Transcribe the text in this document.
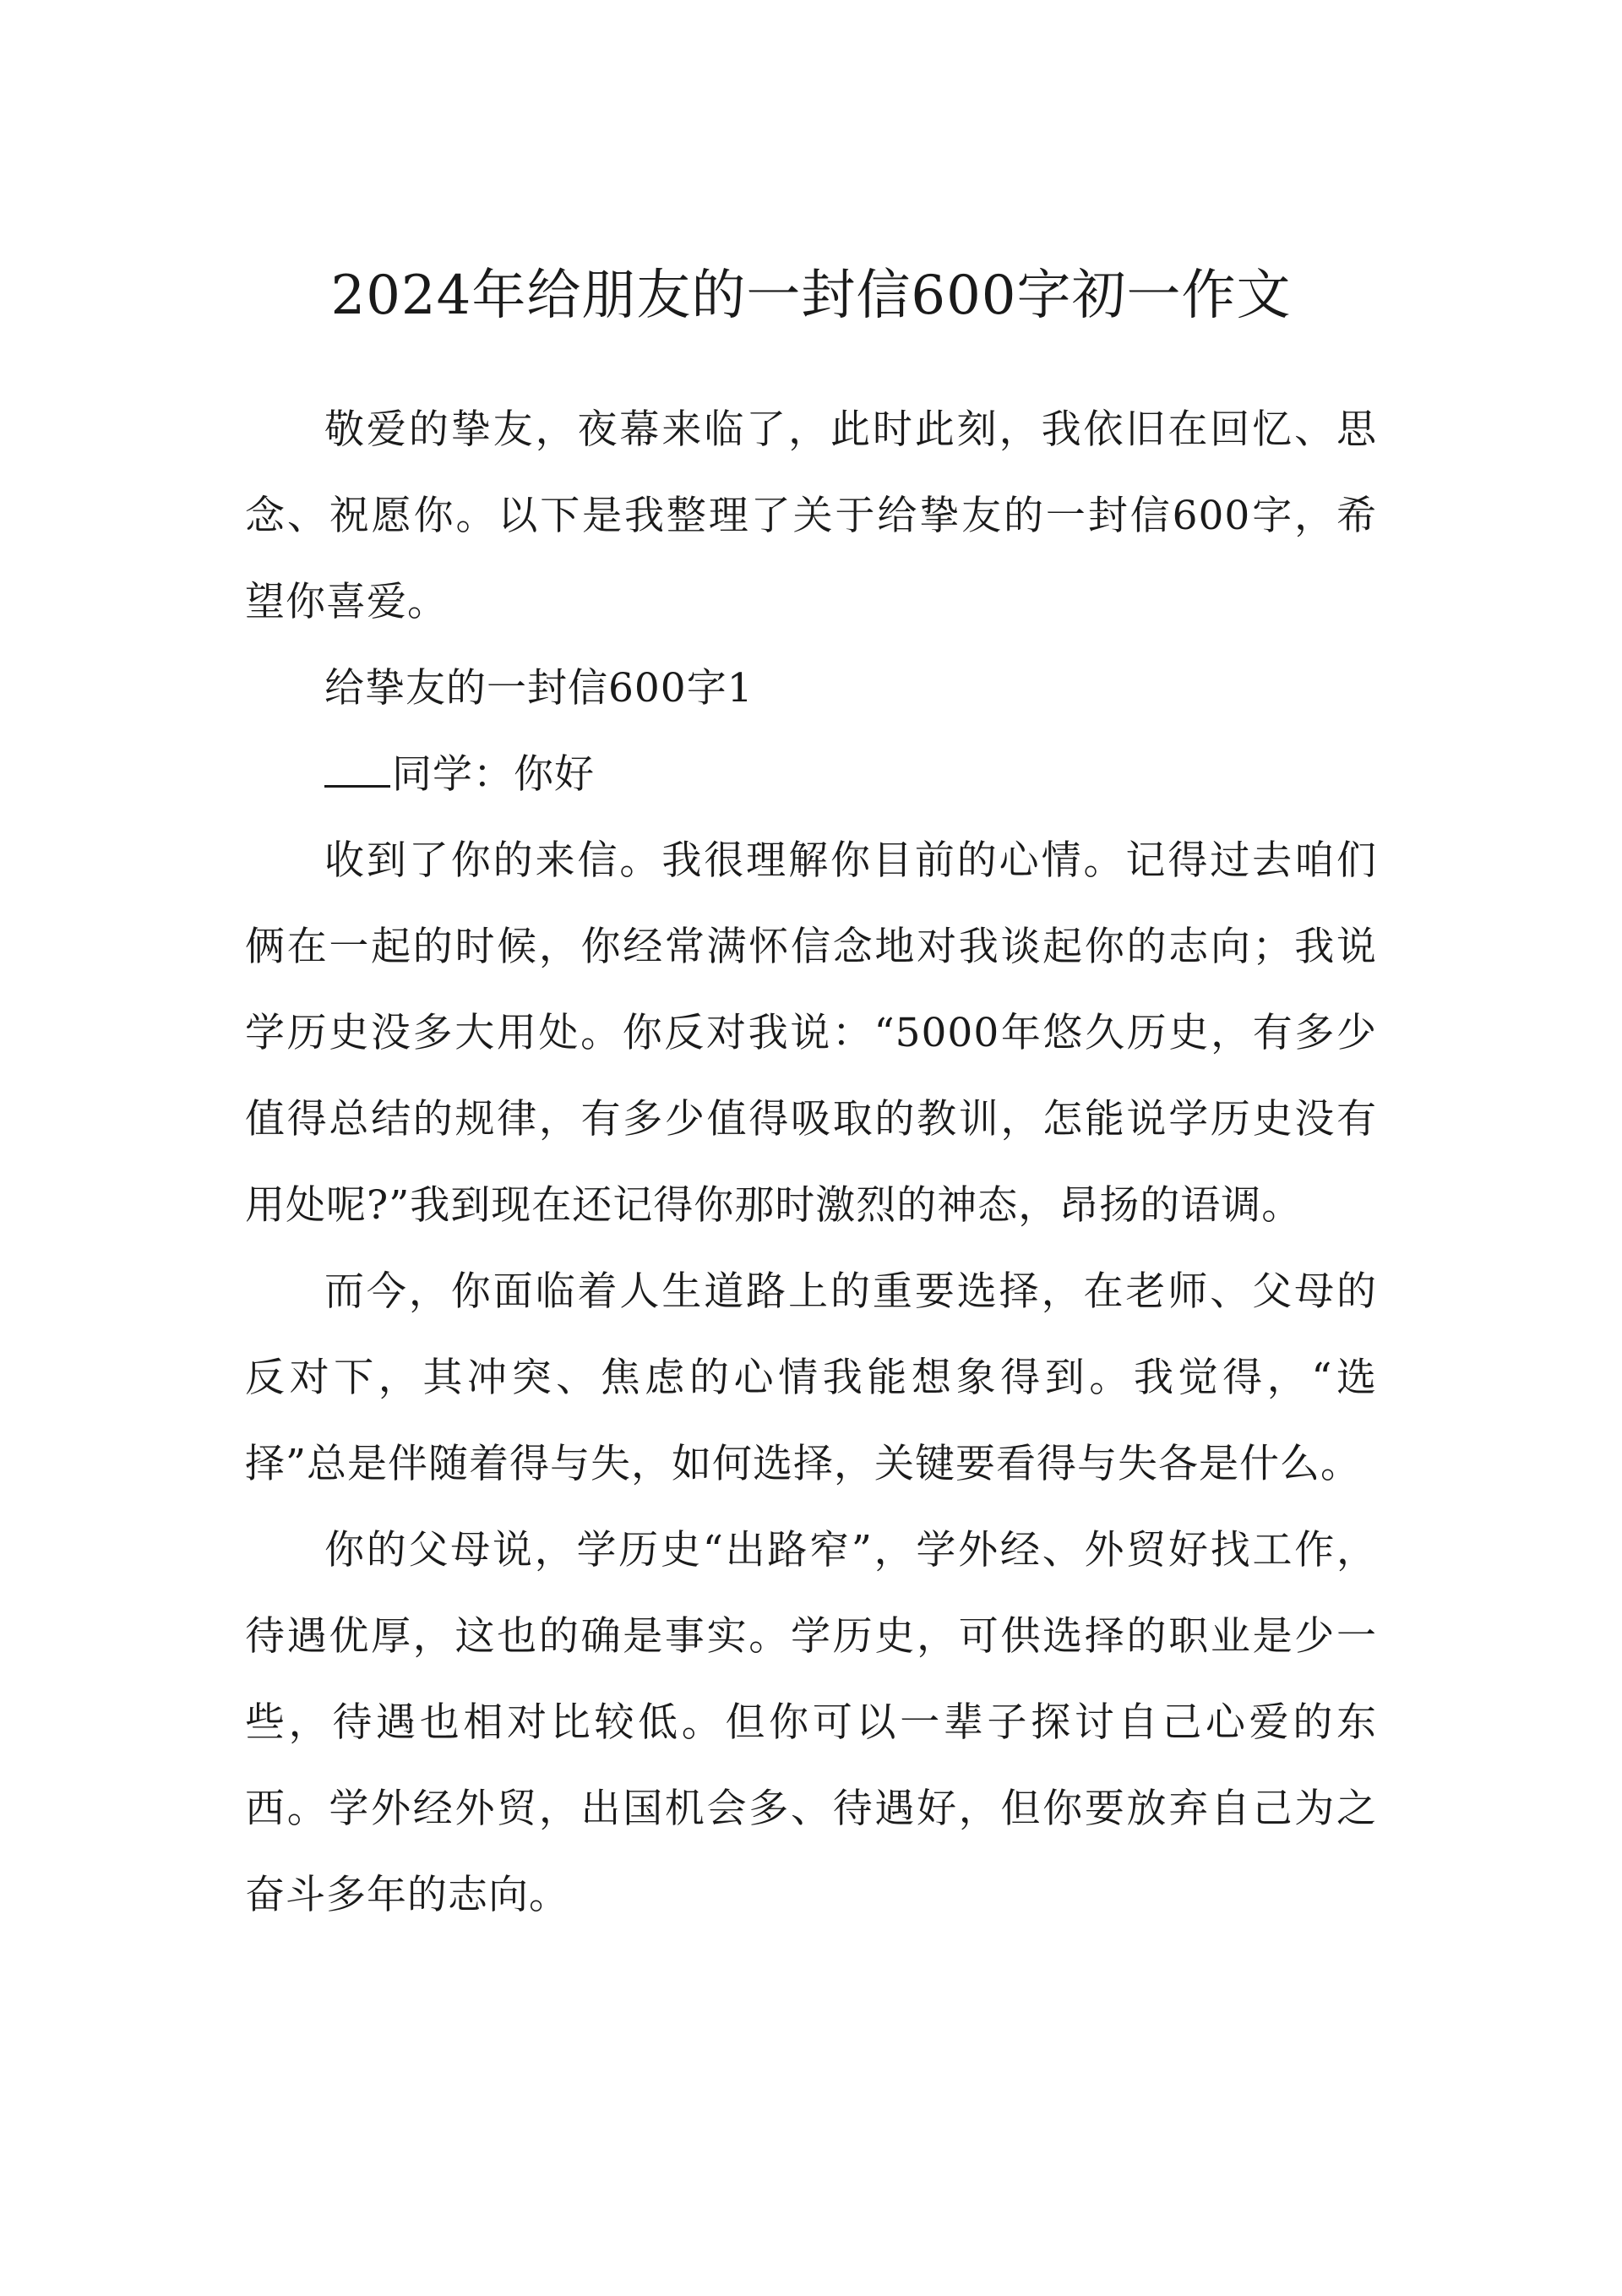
2024年给朋友的一封信600字初一作文

敬爱的挚友，夜幕来临了，此时此刻，我依旧在回忆、思念、祝愿你。以下是我整理了关于给挚友的一封信600字，希望你喜爱。

给挚友的一封信600字1

同学：你好

收到了你的来信。我很理解你目前的心情。记得过去咱们俩在一起的时候，你经常满怀信念地对我谈起你的志向；我说学历史没多大用处。你反对我说：“5000年悠久历史，有多少值得总结的规律，有多少值得吸取的教训，怎能说学历史没有用处呢?”我到现在还记得你那时激烈的神态，昂扬的语调。

而今，你面临着人生道路上的重要选择，在老师、父母的反对下，其冲突、焦虑的心情我能想象得到。我觉得，“选择”总是伴随着得与失，如何选择，关键要看得与失各是什么。

你的父母说，学历史“出路窄”，学外经、外贸好找工作，待遇优厚，这也的确是事实。学历史，可供选择的职业是少一些，待遇也相对比较低。但你可以一辈子探讨自己心爱的东西。学外经外贸，出国机会多、待遇好，但你要放弃自己为之奋斗多年的志向。
